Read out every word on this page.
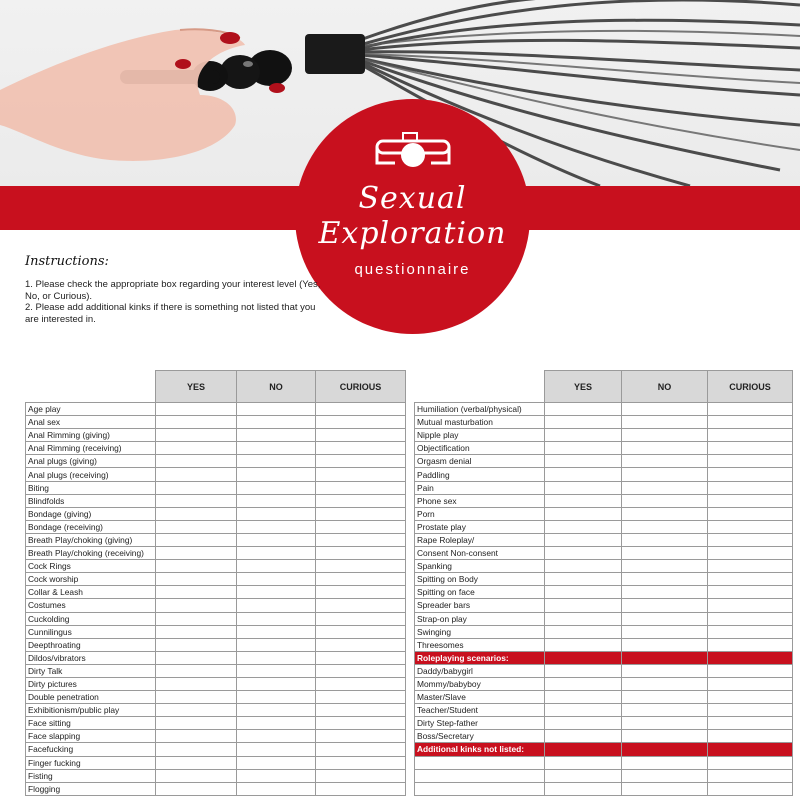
Sexual
Exploration
questionnaire
Instructions:

1. Please check the appropriate box regarding your interest level (Yes, No, or Curious).

2. Please add additional kinks if there is something not listed that you are interested in.

	YES	NO	CURIOUS
Age play			
Anal sex			
Anal Rimming (giving)			
Anal Rimming (receiving)			
Anal plugs (giving)			
Anal plugs (receiving)			
Biting			
Blindfolds			
Bondage (giving)			
Bondage (receiving)			
Breath Play/choking (giving)			
Breath Play/choking (receiving)			
Cock Rings			
Cock worship			
Collar & Leash			
Costumes			
Cuckolding			
Cunnilingus			
Deepthroating			
Dildos/vibrators			
Dirty Talk			
Dirty pictures			
Double penetration			
Exhibitionism/public play			
Face sitting			
Face slapping			
Facefucking			
Finger fucking			
Fisting			
Flogging			
	YES	NO	CURIOUS
Humiliation (verbal/physical)			
Mutual masturbation			
Nipple play			
Objectification			
Orgasm denial			
Paddling			
Pain			
Phone sex			
Porn			
Prostate play			
Rape Roleplay/			
Consent Non-consent			
Spanking			
Spitting on Body			
Spitting on face			
Spreader bars			
Strap-on play			
Swinging			
Threesomes			
Roleplaying scenarios:			
Daddy/babygirl			
Mommy/babyboy			
Master/Slave			
Teacher/Student			
Dirty Step-father			
Boss/Secretary			
Additional kinks not listed:			
